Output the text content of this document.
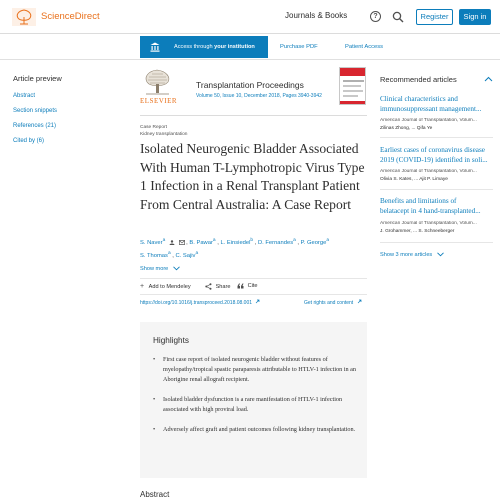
ScienceDirect	Journals & Books	?	Register	Sign in
Access through your institution	Purchase PDF	Patient Access
Article preview
Abstract
Section snippets
References (21)
Cited by (6)
ELSEVIER
Transplantation Proceedings
Volume 50, Issue 10, December 2018, Pages 3940-3942
Case Report
Kidney transplantation
Isolated Neurogenic Bladder Associated With Human T-Lymphotropic Virus Type 1 Infection in a Renal Transplant Patient From Central Australia: A Case Report
S. Naver$^a$	, B. Pawar$^a$ , L. Einsiedel$^b$ , D. Fernandes$^a$ , P. George$^a$
S. Thomas$^a$ , C. Sajiv$^a$
Show more
+ Add to Mendeley	Share	Cite
https://doi.org/10.1016/j.transproceed.2018.08.001	Get rights and content
Highlights
• First case report of isolated neurogenic bladder without features of myelopathy/tropical spastic paraparesis attributable to HTLV-1 infection in an Aborigine renal allograft recipient.
• Isolated bladder dysfunction is a rare manifestation of HTLV-1 infection associated with high proviral load.
• Adversely affect graft and patient outcomes following kidney transplantation.
Abstract
Recommended articles
Clinical characteristics and
immunosuppressant management...
American Journal of Transplantation, Volum...
Zilinas Zhong, ... Qifa Ye
Earliest cases of coronavirus disease
2019 (COVID-19) identified in soli...
American Journal of Transplantation, Volum...
Olivia S. Kates, ... Ajit P. Limaye
Benefits and limitations of
belatacept in 4 hand-transplanted...
American Journal of Transplantation, Volum...
J. Grohammer, ... S. Schneeberger
Show 3 more articles
